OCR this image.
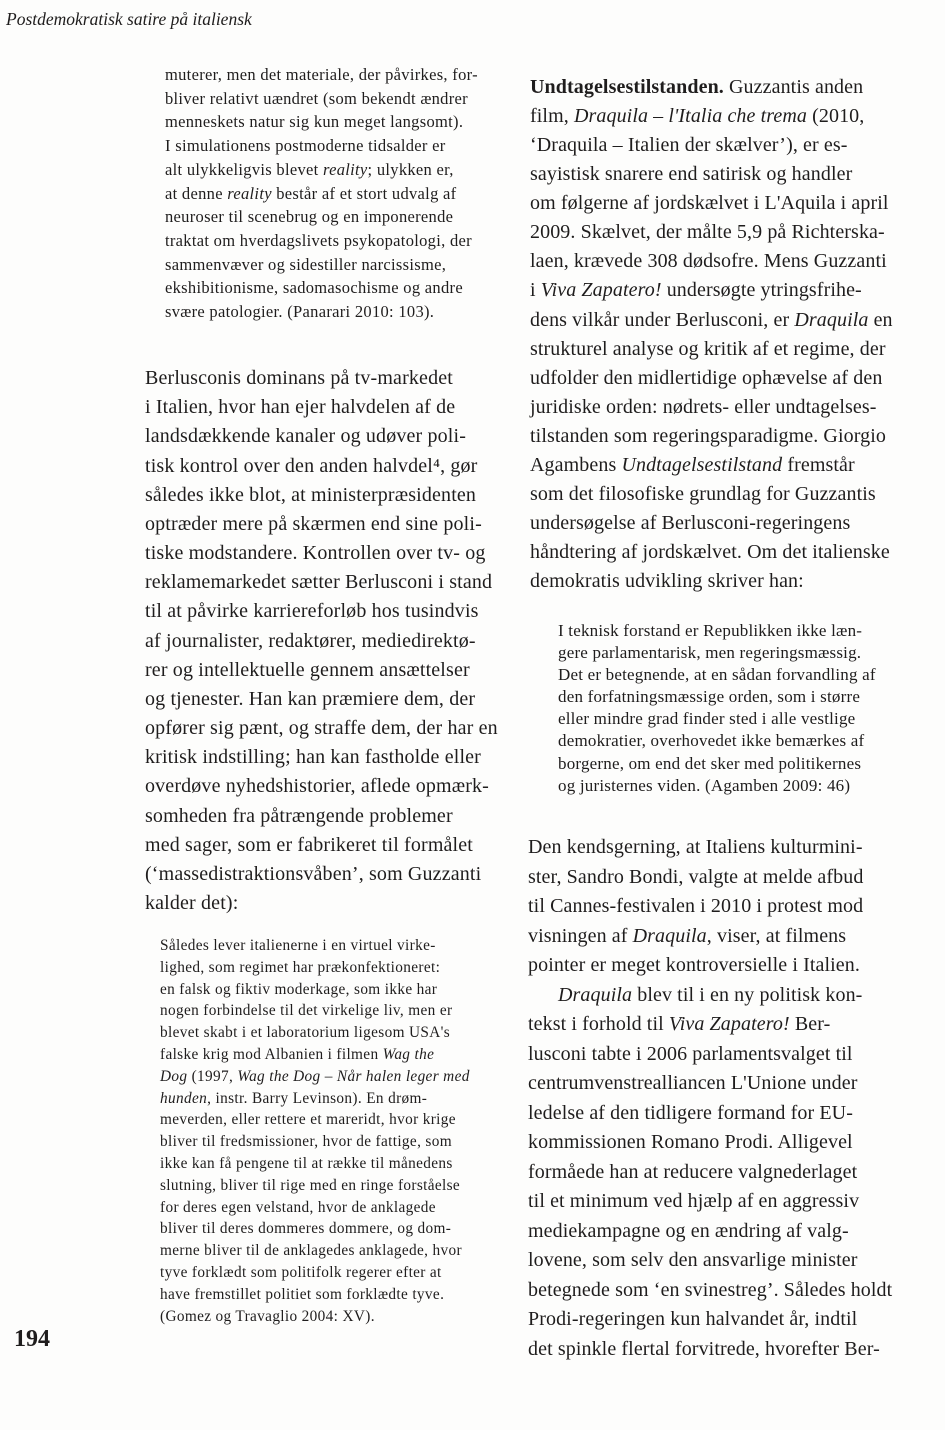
Postdemokratisk satire på italiensk
muterer, men det materiale, der påvirkes, for-
bliver relativt uændret (som bekendt ændrer
menneskets natur sig kun meget langsomt).
I simulationens postmoderne tidsalder er
alt ulykkeligvis blevet reality; ulykken er,
at denne reality består af et stort udvalg af
neuroser til scenebrug og en imponerende
traktat om hverdagslivets psykopatologi, der
sammenvæver og sidestiller narcissisme,
ekshibitionisme, sadomasochisme og andre
svære patologier. (Panarari 2010: 103).
Berlusconis dominans på tv-markedet
i Italien, hvor han ejer halvdelen af de
landsdækkende kanaler og udøver poli-
tisk kontrol over den anden halvdel⁴, gør
således ikke blot, at ministerpræsidenten
optræder mere på skærmen end sine poli-
tiske modstandere. Kontrollen over tv- og
reklamemarkedet sætter Berlusconi i stand
til at påvirke karriereforløb hos tusindvis
af journalister, redaktører, mediedirektø-
rer og intellektuelle gennem ansættelser
og tjenester. Han kan præmiere dem, der
opfører sig pænt, og straffe dem, der har en
kritisk indstilling; han kan fastholde eller
overdøve nyhedshistorier, aflede opmærk-
somheden fra påtrængende problemer
med sager, som er fabrikeret til formålet
(‘massedistraktionsvåben’, som Guzzanti
kalder det):
Således lever italienerne i en virtuel virke-
lighed, som regimet har prækonfektioneret:
en falsk og fiktiv moderkage, som ikke har
nogen forbindelse til det virkelige liv, men er
blevet skabt i et laboratorium ligesom USA's
falske krig mod Albanien i filmen Wag the
Dog (1997, Wag the Dog – Når halen leger med
hunden, instr. Barry Levinson). En drøm-
meverden, eller rettere et mareridt, hvor krige
bliver til fredsmissioner, hvor de fattige, som
ikke kan få pengene til at række til månedens
slutning, bliver til rige med en ringe forståelse
for deres egen velstand, hvor de anklagede
bliver til deres dommeres dommere, og dom-
merne bliver til de anklagedes anklagede, hvor
tyve forklædt som politifolk regerer efter at
have fremstillet politiet som forklædte tyve.
(Gomez og Travaglio 2004: XV).
Undtagelsestilstanden. Guzzantis anden
film, Draquila – l'Italia che trema (2010,
‘Draquila – Italien der skælver’), er es-
sayistisk snarere end satirisk og handler
om følgerne af jordskælvet i L'Aquila i april
2009. Skælvet, der målte 5,9 på Richterska-
laen, krævede 308 dødsofre. Mens Guzzanti
i Viva Zapatero! undersøgte ytringsfrihe-
dens vilkår under Berlusconi, er Draquila en
strukturel analyse og kritik af et regime, der
udfolder den midlertidige ophævelse af den
juridiske orden: nødrets- eller undtagelses-
tilstanden som regeringsparadigme. Giorgio
Agambens Undtagelsestilstand fremstår
som det filosofiske grundlag for Guzzantis
undersøgelse af Berlusconi-regeringens
håndtering af jordskælvet. Om det italienske
demokratis udvikling skriver han:
I teknisk forstand er Republikken ikke læn-
gere parlamentarisk, men regeringsmæssig.
Det er betegnende, at en sådan forvandling af
den forfatningsmæssige orden, som i større
eller mindre grad finder sted i alle vestlige
demokratier, overhovedet ikke bemærkes af
borgerne, om end det sker med politikernes
og juristernes viden. (Agamben 2009: 46)
Den kendsgerning, at Italiens kulturmini-
ster, Sandro Bondi, valgte at melde afbud
til Cannes-festivalen i 2010 i protest mod
visningen af Draquila, viser, at filmens
pointer er meget kontroversielle i Italien.
Draquila blev til i en ny politisk kon-
tekst i forhold til Viva Zapatero! Ber-
lusconi tabte i 2006 parlamentsvalget til
centrumvenstrealliancen L'Unione under
ledelse af den tidligere formand for EU-
kommissionen Romano Prodi. Alligevel
formåede han at reducere valgnederlaget
til et minimum ved hjælp af en aggressiv
mediekampagne og en ændring af valg-
lovene, som selv den ansvarlige minister
betegnede som ‘en svinestreg’. Således holdt
Prodi-regeringen kun halvandet år, indtil
det spinkle flertal forvitrede, hvorefter Ber-
194
